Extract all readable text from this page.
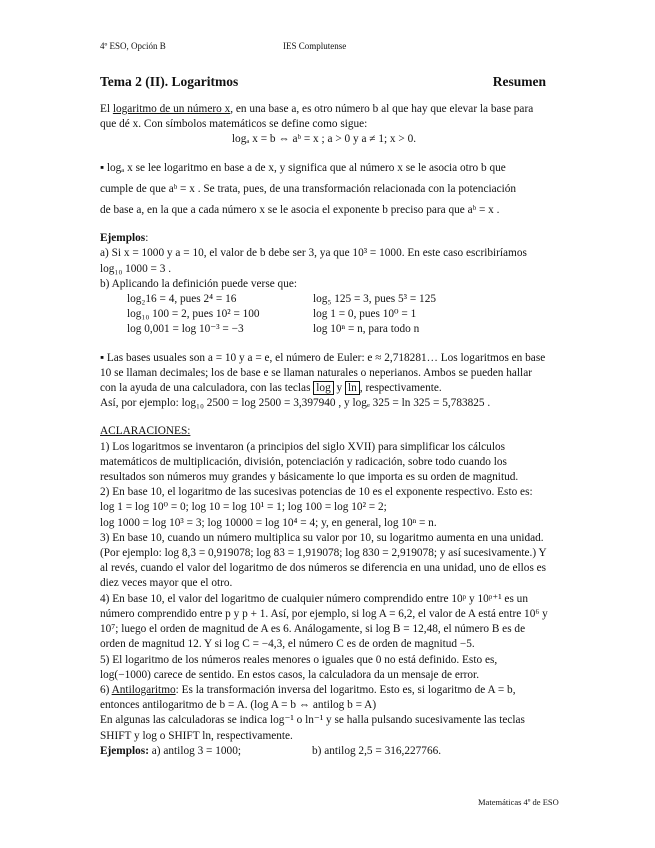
4º ESO, Opción B	IES Complutense
Tema 2 (II). Logaritmos	Resumen

El logaritmo de un número x, en una base a, es otro número b al que hay que elevar la base para que dé x. Con símbolos matemáticos se define como sigue:

logₐ x = b ⇔ aᵇ = x ; a > 0 y a ≠ 1; x > 0.

▪ logₐ x se lee logaritmo en base a de x, y significa que al número x se le asocia otro b que

cumple de que aᵇ = x . Se trata, pues, de una transformación relacionada con la potenciación

de base a, en la que a cada número x se le asocia el exponente b preciso para que aᵇ = x .

Ejemplos:

a) Si x = 1000 y a = 10, el valor de b debe ser 3, ya que 10³ = 1000. En este caso escribiríamos log₁₀ 1000 = 3 .

b) Aplicando la definición puede verse que:

log₂16 = 4, pues 2⁴ = 16	log₅ 125 = 3, pues 5³ = 125
log₁₀ 100 = 2, pues 10² = 100	log 1 = 0, pues 10⁰ = 1
log 0,001 = log 10⁻³ = −3	log 10ⁿ = n, para todo n

▪ Las bases usuales son a = 10 y a = e, el número de Euler: e ≈ 2,718281… Los logaritmos en base 10 se llaman decimales; los de base e se llaman naturales o neperianos. Ambos se pueden hallar con la ayuda de una calculadora, con las teclas log y ln , respectivamente.

Así, por ejemplo: log₁₀ 2500 = log 2500 = 3,397940 , y logₑ 325 = ln 325 = 5,783825 .

ACLARACIONES:

1) Los logaritmos se inventaron (a principios del siglo XVII) para simplificar los cálculos matemáticos de multiplicación, división, potenciación y radicación, sobre todo cuando los resultados son números muy grandes y básicamente lo que importa es su orden de magnitud.

2) En base 10, el logaritmo de las sucesivas potencias de 10 es el exponente respectivo. Esto es:

log 1 = log 10⁰ = 0; log 10 = log 10¹ = 1; log 100 = log 10² = 2;

log 1000 = log 10³ = 3; log 10000 = log 10⁴ = 4; y, en general, log 10ⁿ = n.

3) En base 10, cuando un número multiplica su valor por 10, su logaritmo aumenta en una unidad. (Por ejemplo: log 8,3 = 0,919078; log 83 = 1,919078; log 830 = 2,919078; y así sucesivamente.) Y al revés, cuando el valor del logaritmo de dos números se diferencia en una unidad, uno de ellos es diez veces mayor que el otro.

4) En base 10, el valor del logaritmo de cualquier número comprendido entre 10ᵖ y 10ᵖ⁺¹ es un número comprendido entre p y p + 1. Así, por ejemplo, si log A = 6,2, el valor de A está entre 10⁶ y 10⁷; luego el orden de magnitud de A es 6. Análogamente, si log B = 12,48, el número B es de orden de magnitud 12. Y si log C = −4,3, el número C es de orden de magnitud −5.

5) El logaritmo de los números reales menores o iguales que 0 no está definido. Esto es, log(−1000) carece de sentido. En estos casos, la calculadora da un mensaje de error.

6) Antilogaritmo: Es la transformación inversa del logaritmo. Esto es, si logaritmo de A = b, entonces antilogaritmo de b = A. (log A = b ⇔ antilog b = A)

En algunas las calculadoras se indica log⁻¹ o ln⁻¹ y se halla pulsando sucesivamente las teclas SHIFT y log o SHIFT ln, respectivamente.

Ejemplos: a) antilog 3 = 1000;	b) antilog 2,5 = 316,227766.
Matemáticas 4º de ESO
